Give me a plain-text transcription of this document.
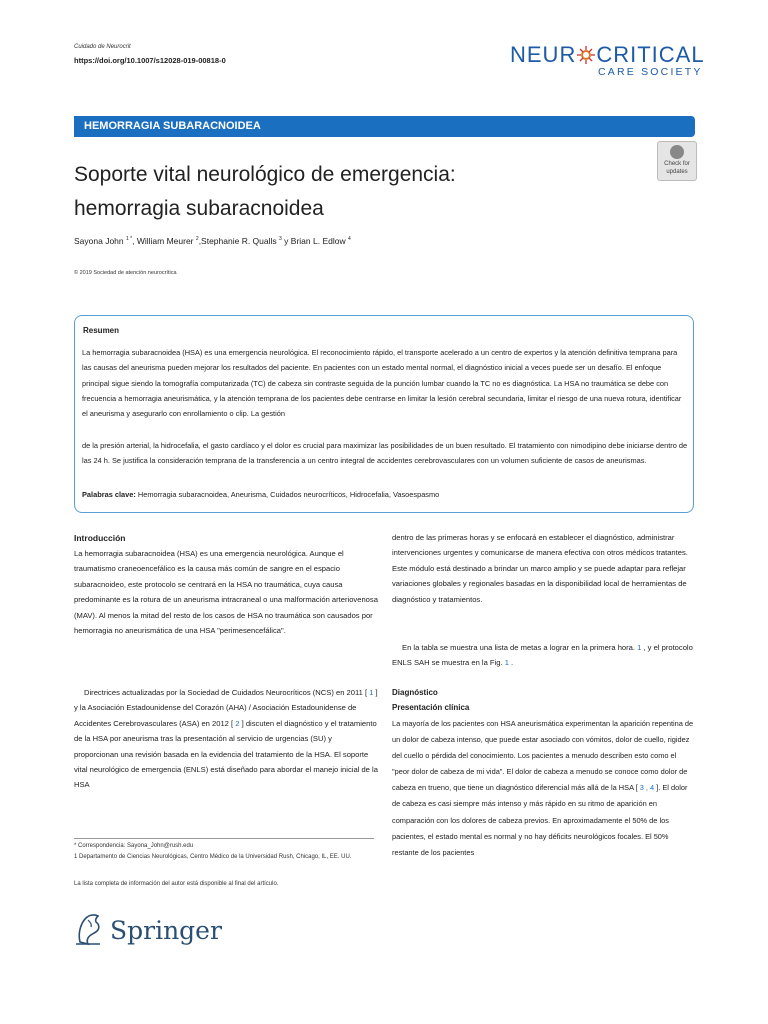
Cuidado de Neurocrit
https://doi.org/10.1007/s12028-019-00818-0	NEUR CRITICAL
CARE SOCIETY
HEMORRAGIA SUBARACNOIDEA
Soporte vital neurológico de emergencia:
hemorragia subaracnoidea
Check for
updates
Sayona John $^{1 *}$, William Meurer $^2$,Stephanie R. Qualls $^3$ y Brian L. Edlow $^4$
© 2019 Sociedad de atención neurocrítica
Resumen
La hemorragia subaracnoidea (HSA) es una emergencia neurológica. El reconocimiento rápido, el transporte acelerado a un centro de expertos y la atención definitiva temprana para las causas del aneurisma pueden mejorar los resultados del paciente. En pacientes con un estado mental normal, el diagnóstico inicial a veces puede ser un desafío. El enfoque principal sigue siendo la tomografía computarizada (TC) de cabeza sin contraste seguida de la punción lumbar cuando la TC no es diagnóstica. La HSA no traumática se debe con frecuencia a hemorragia aneurismática, y la atención temprana de los pacientes debe centrarse en limitar la lesión cerebral secundaria, limitar el riesgo de una nueva rotura, identificar el aneurisma y asegurarlo con enrollamiento o clip. La gestión
de la presión arterial, la hidrocefalia, el gasto cardíaco y el dolor es crucial para maximizar las posibilidades de un buen resultado. El tratamiento con nimodipino debe iniciarse dentro de las 24 h. Se justifica la consideración temprana de la transferencia a un centro integral de accidentes cerebrovasculares con un volumen suficiente de casos de aneurismas.
Palabras clave: Hemorragia subaracnoidea, Aneurisma, Cuidados neurocríticos, Hidrocefalia, Vasoespasmo
Introducción
La hemorragia subaracnoidea (HSA) es una emergencia neurológica. Aunque el traumatismo craneoencefálico es la causa más común de sangre en el espacio subaracnoideo, este protocolo se centrará en la HSA no traumática, cuya causa predominante es la rotura de un aneurisma intracraneal o una malformación arteriovenosa (MAV). Al menos la mitad del resto de los casos de HSA no traumática son causados por hemorragia no aneurismática de una HSA "perimesencefálica".
Directrices actualizadas por la Sociedad de Cuidados Neurocríticos (NCS) en 2011 [ 1 ] y la Asociación Estadounidense del Corazón (AHA) / Asociación Estadounidense de Accidentes Cerebrovasculares (ASA) en 2012 [ 2 ] discuten el diagnóstico y el tratamiento de la HSA por aneurisma tras la presentación al servicio de urgencias (SU) y proporcionan una revisión basada en la evidencia del tratamiento de la HSA. El soporte vital neurológico de emergencia (ENLS) está diseñado para abordar el manejo inicial de la HSA
* Correspondencia: Sayona_John@rush.edu
1 Departamento de Ciencias Neurológicas, Centro Médico de la Universidad Rush, Chicago, IL, EE. UU.
La lista completa de información del autor está disponible al final del artículo.
dentro de las primeras horas y se enfocará en establecer el diagnóstico, administrar intervenciones urgentes y comunicarse de manera efectiva con otros médicos tratantes. Este módulo está destinado a brindar un marco amplio y se puede adaptar para reflejar variaciones globales y regionales basadas en la disponibilidad local de herramientas de diagnóstico y tratamientos.
En la tabla se muestra una lista de metas a lograr en la primera hora. 1 , y el protocolo ENLS SAH se muestra en la Fig. 1 .
Diagnóstico
Presentación clínica
La mayoría de los pacientes con HSA aneurismática experimentan la aparición repentina de un dolor de cabeza intenso, que puede estar asociado con vómitos, dolor de cuello, rigidez del cuello o pérdida del conocimiento. Los pacientes a menudo describen esto como el "peor dolor de cabeza de mi vida". El dolor de cabeza a menudo se conoce como dolor de cabeza en trueno, que tiene un diagnóstico diferencial más allá de la HSA [ 3 , 4 ]. El dolor de cabeza es casi siempre más intenso y más rápido en su ritmo de aparición en comparación con los dolores de cabeza previos. En aproximadamente el 50% de los pacientes, el estado mental es normal y no hay déficits neurológicos focales. El 50% restante de los pacientes
Springer
